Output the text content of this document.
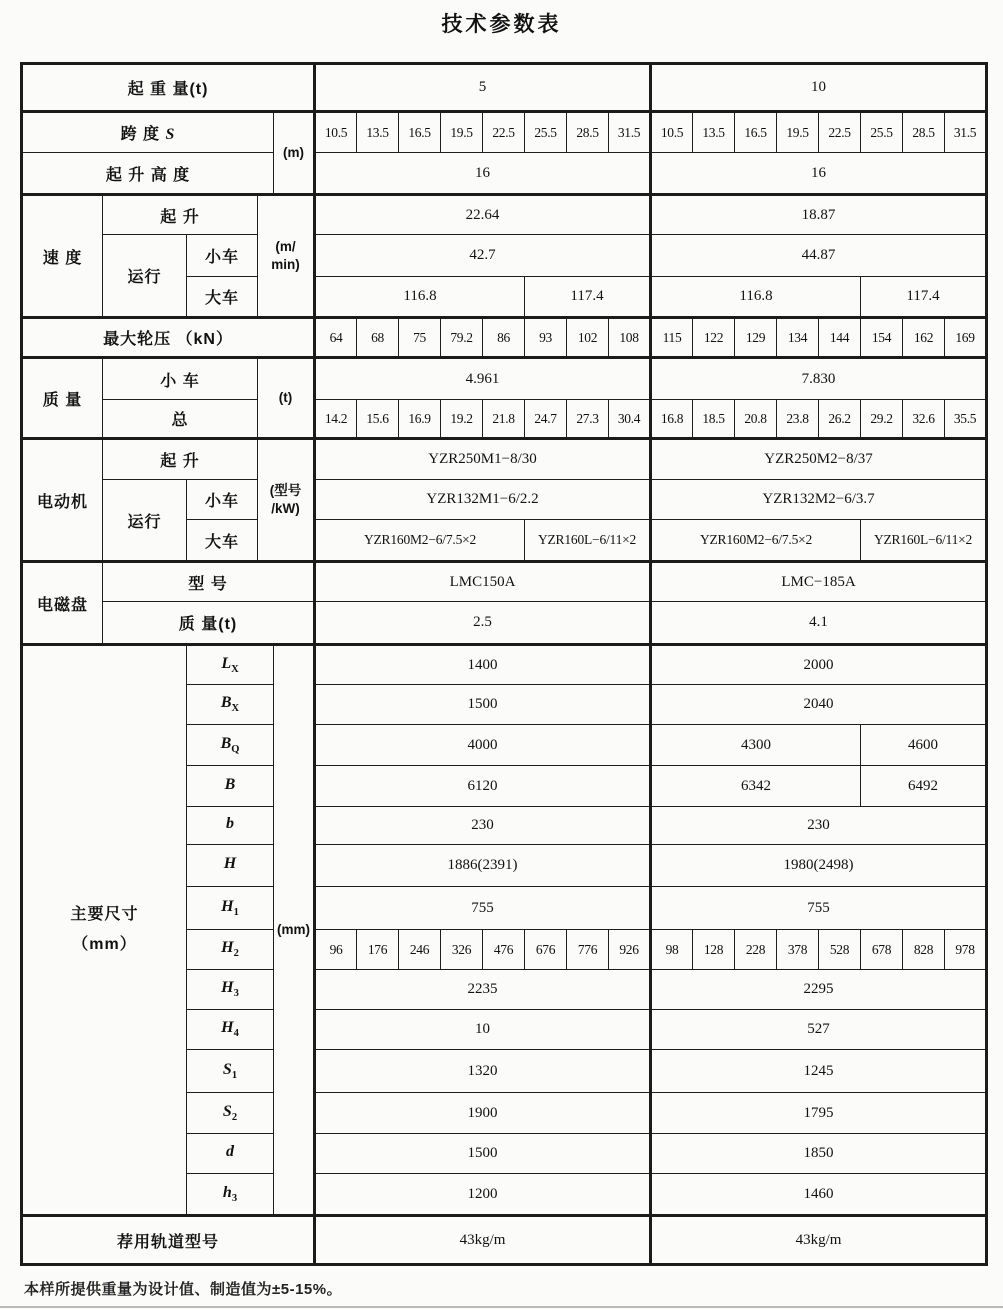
技术参数表
起 重 量(t)					5								10							
跨 度 S				(m)	10.5	13.5	16.5	19.5	22.5	25.5	28.5	31.5	10.5	13.5	16.5	19.5	22.5	25.5	28.5	31.5
起 升 高 度					16								16							
速 度	起 升		(m/ min)		22.64								18.87							
	运行	小车			42.7								44.87							
		大车			116.8					117.4			116.8					117.4		
最大轮压 （kN）					64	68	75	79.2	86	93	102	108	115	122	129	134	144	154	162	169
质 量	小 车		(t)		4.961								7.830							
	总				14.2	15.6	16.9	19.2	21.8	24.7	27.3	30.4	16.8	18.5	20.8	23.8	26.2	29.2	32.6	35.5
电动机	起 升		(型号 /kW)		YZR250M1−8/30								YZR250M2−8/37							
	运行	小车			YZR132M1−6/2.2								YZR132M2−6/3.7							
		大车			YZR160M2−6/7.5×2					YZR160L−6/11×2			YZR160M2−6/7.5×2					YZR160L−6/11×2		
电磁盘	型 号				LMC150A								LMC−185A							
	质 量(t)				2.5								4.1							

主要尺寸
（mm）		$L_X$		(mm)	1400								2000							
		$B_X$			1500								2040							
		$B_Q$			4000								4300					4600		
		B			6120								6342					6492		
		b			230								230							
		H			1886(2391)								1980(2498)							
		$H_1$			755								755							
		$H_2$			96	176	246	326	476	676	776	926	98	128	228	378	528	678	828	978
		$H_3$			2235								2295							
		$H_4$			10								527							
		$S_1$			1320								1245							
		$S_2$			1900								1795							
		d			1500								1850							
		$h_3$			1200								1460							
荐用轨道型号					43kg/m								43kg/m							
本样所提供重量为设计值、制造值为±5-15%。
